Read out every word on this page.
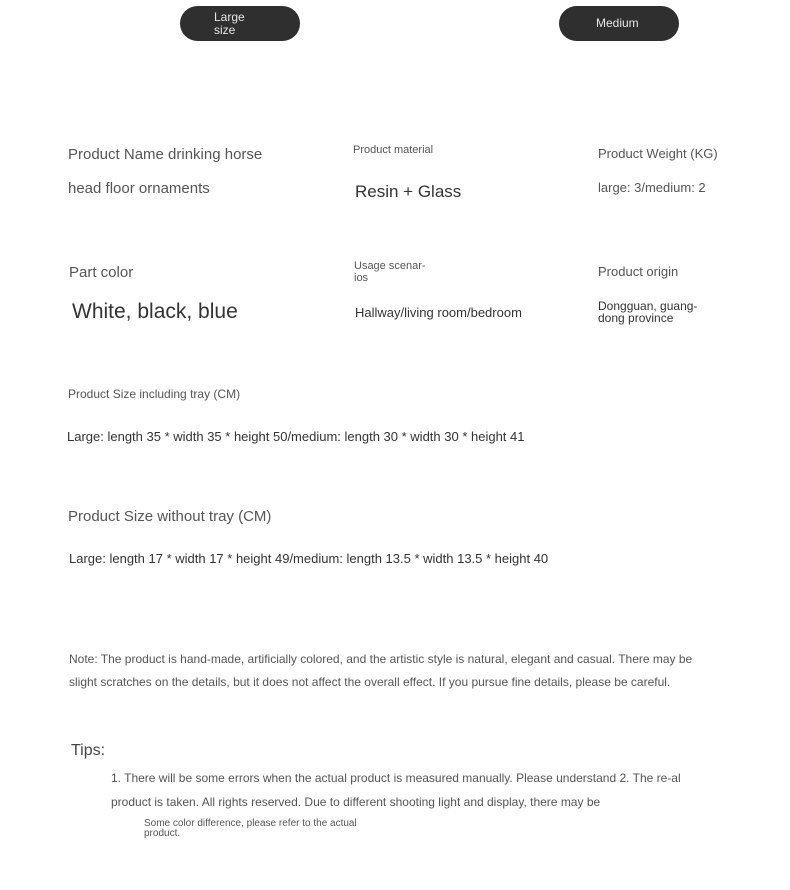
Large
size	Medium
Product Name drinking horse
head floor ornaments
Product material
Resin + Glass
Product Weight (KG)
large: 3/medium: 2
Part color
White, black, blue
Usage scenar-
ios
Hallway/living room/bedroom
Product origin
Dongguan, guang-
dong province
Product Size including tray (CM)
Large: length 35 * width 35 * height 50/medium: length 30 * width 30 * height 41
Product Size without tray (CM)
Large: length 17 * width 17 * height 49/medium: length 13.5 * width 13.5 * height 40
Note: The product is hand-made, artificially colored, and the artistic style is natural, elegant and casual. There may be slight scratches on the details, but it does not affect the overall effect. If you pursue fine details, please be careful.
Tips:
1. There will be some errors when the actual product is measured manually. Please understand 2. The re-al product is taken. All rights reserved. Due to different shooting light and display, there may be
Some color difference, please refer to the actual product.
